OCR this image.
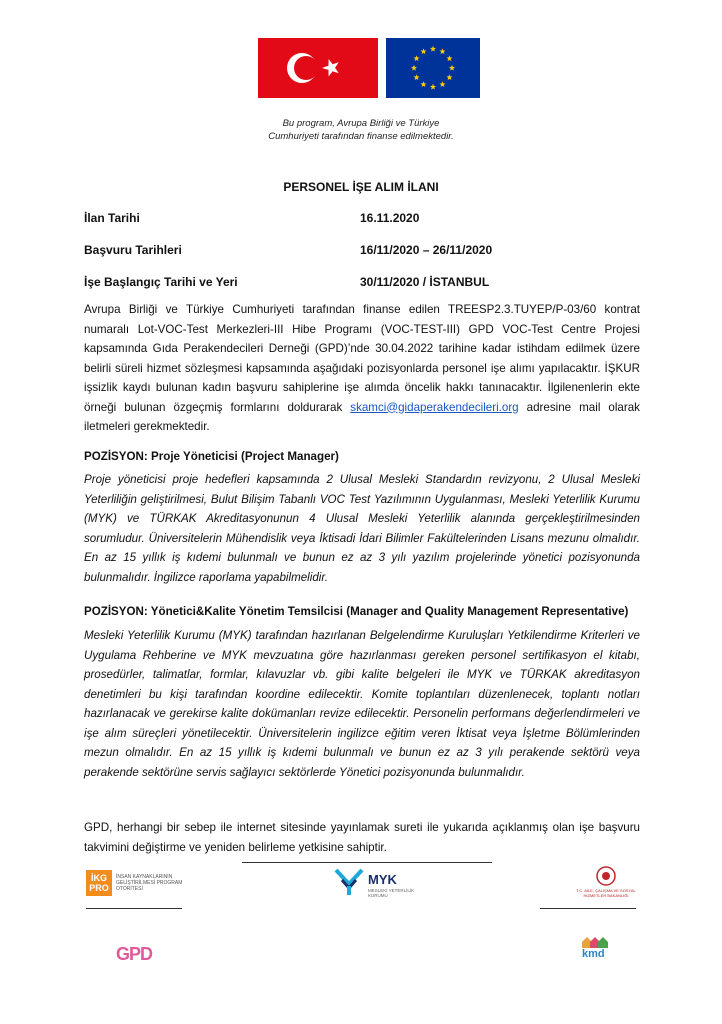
Bu program, Avrupa Birliği ve Türkiye
Cumhuriyeti tarafından finanse edilmektedir.
PERSONEL İŞE ALIM İLANI
İlan Tarihi	16.11.2020
Başvuru Tarihleri	16/11/2020 – 26/11/2020
İşe Başlangıç Tarihi ve Yeri	30/11/2020 / İSTANBUL

Avrupa Birliği ve Türkiye Cumhuriyeti tarafından finanse edilen TREESP2.3.TUYEP/P-03/60 kontrat numaralı Lot-VOC-Test Merkezleri-III Hibe Programı (VOC-TEST-III) GPD VOC-Test Centre Projesi kapsamında Gıda Perakendecileri Derneği (GPD)’nde 30.04.2022 tarihine kadar istihdam edilmek üzere belirli süreli hizmet sözleşmesi kapsamında aşağıdaki pozisyonlarda personel işe alımı yapılacaktır. İŞKUR işsizlik kaydı bulunan kadın başvuru sahiplerine işe alımda öncelik hakkı tanınacaktır. İlgilenenlerin ekte örneği bulunan özgeçmiş formlarını doldurarak skamci@gidaperakendecileri.org adresine mail olarak iletmeleri gerekmektedir.

POZİSYON: Proje Yöneticisi (Project Manager)

Proje yöneticisi proje hedefleri kapsamında 2 Ulusal Mesleki Standardın revizyonu, 2 Ulusal Mesleki Yeterliliğin geliştirilmesi, Bulut Bilişim Tabanlı VOC Test Yazılımının Uygulanması, Mesleki Yeterlilik Kurumu (MYK) ve TÜRKAK Akreditasyonunun 4 Ulusal Mesleki Yeterlilik alanında gerçekleştirilmesinden sorumludur. Üniversitelerin Mühendislik veya İktisadi İdari Bilimler Fakültelerinden Lisans mezunu olmalıdır. En az 15 yıllık iş kıdemi bulunmalı ve bunun ez az 3 yılı yazılım projelerinde yönetici pozisyonunda bulunmalıdır. İngilizce raporlama yapabilmelidir.

POZİSYON: Yönetici&Kalite Yönetim Temsilcisi (Manager and Quality Management Representative)

Mesleki Yeterlilik Kurumu (MYK) tarafından hazırlanan Belgelendirme Kuruluşları Yetkilendirme Kriterleri ve Uygulama Rehberine ve MYK mevzuatına göre hazırlanması gereken personel sertifikasyon el kitabı, prosedürler, talimatlar, formlar, kılavuzlar vb. gibi kalite belgeleri ile MYK ve TÜRKAK akreditasyon denetimleri bu kişi tarafından koordine edilecektir. Komite toplantıları düzenlenecek, toplantı notları hazırlanacak ve gerekirse kalite dokümanları revize edilecektir. Personelin performans değerlendirmeleri ve işe alım süreçleri yönetilecektir. Üniversitelerin ingilizce eğitim veren İktisat veya İşletme Bölümlerinden mezun olmalıdır. En az 15 yıllık iş kıdemi bulunmalı ve bunun ez az 3 yılı perakende sektörü veya perakende sektörüne servis sağlayıcı sektörlerde Yönetici pozisyonunda bulunmalıdır.

GPD, herhangi bir sebep ile internet sitesinde yayınlamak sureti ile yukarıda açıklanmış olan işe başvuru takvimini değiştirme ve yeniden belirleme yetkisine sahiptir.

İKG PRO
İNSAN KAYNAKLARININ GELİŞTİRİLMESİ PROGRAM OTORİTESİ
MYK
MESLEKİ YETERLİLİK KURUMU
T.C. AİLE, ÇALIŞMA VE SOSYAL HİZMETLER BAKANLIĞI
GPD	kmd
